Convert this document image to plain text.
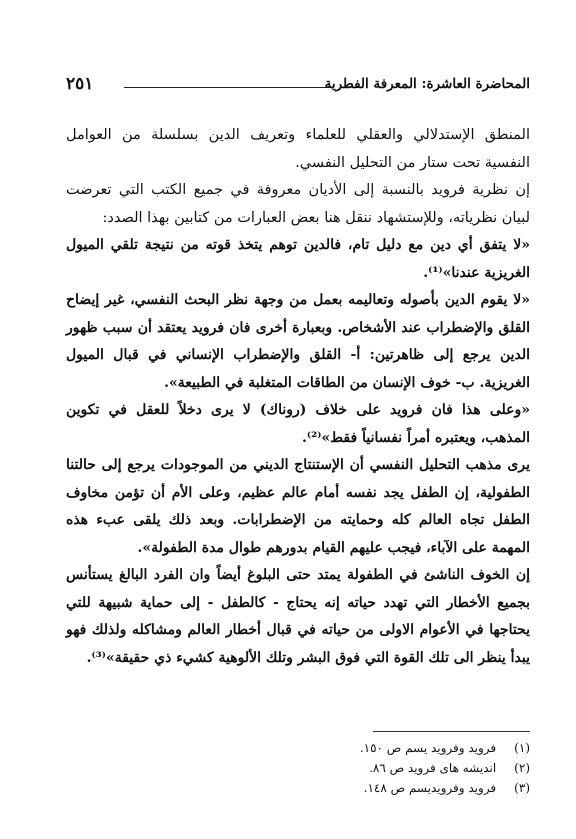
المحاضرة العاشرة: المعرفة الفطرية
٢٥١

المنطق الإستدلالي والعقلي للعلماء وتعريف الدين بسلسلة من العوامل النفسية تحت ستار من التحليل النفسي.

إن نظرية فرويد بالنسبة إلى الأديان معروفة في جميع الكتب التي تعرضت لبيان نظرياته، وللإستشهاد ننقل هنا بعض العبارات من كتابين بهذا الصدد:

«لا يتفق أي دين مع دليل تام، فالدين توهم يتخذ قوته من نتيجة تلقي الميول الغريزية عندنا»⁽¹⁾.

«لا يقوم الدين بأصوله وتعاليمه بعمل من وجهة نظر البحث النفسي، غير إيضاح القلق والإضطراب عند الأشخاص. وبعبارة أخرى فان فرويد يعتقد أن سبب ظهور الدين يرجع إلى ظاهرتين: أ- القلق والإضطراب الإنساني في قبال الميول الغريزية. ب- خوف الإنسان من الطاقات المتغلبة في الطبيعة».

«وعلى هذا فان فرويد على خلاف (روناك) لا يرى دخلاً للعقل في تكوين المذهب، ويعتبره أمراً نفسانياً فقط»⁽²⁾.

يرى مذهب التحليل النفسي أن الإستنتاج الديني من الموجودات يرجع إلى حالتنا الطفولية، إن الطفل يجد نفسه أمام عالم عظيم، وعلى الأم أن تؤمن مخاوف الطفل تجاه العالم كله وحمايته من الإضطرابات. وبعد ذلك يلقى عبء هذه المهمة على الآباء، فيجب عليهم القيام بدورهم طوال مدة الطفولة».

إن الخوف الناشئ في الطفولة يمتد حتى البلوغ أيضاً وان الفرد البالغ يستأنس بجميع الأخطار التي تهدد حياته إنه يحتاج - كالطفل - إلى حماية شبيهة للتي يحتاجها في الأعوام الاولى من حياته في قبال أخطار العالم ومشاكله ولذلك فهو يبدأ ينظر الى تلك القوة التي فوق البشر وتلك الألوهية كشيء ذي حقيقة»⁽³⁾.

(١) فرويد وفرويد يسم ص ١٥٠.

(٢) انديشه هاى فرويد ص ٨٦.

(٣) فرويد وفرويديسم ص ١٤٨.
